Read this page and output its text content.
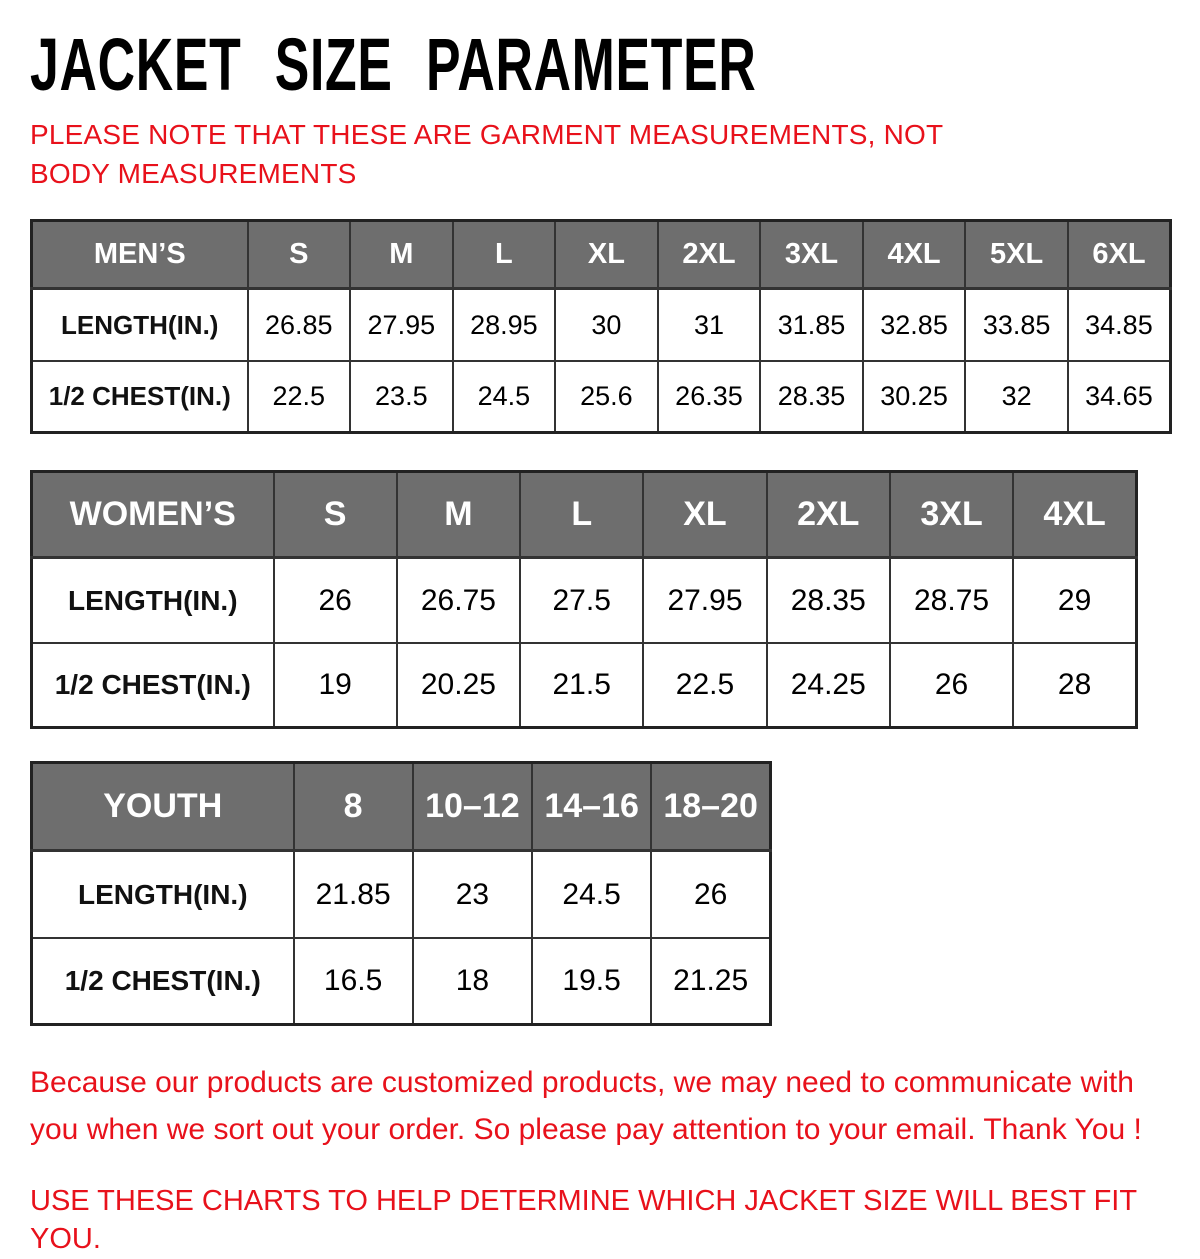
JACKET SIZE PARAMETER
PLEASE NOTE THAT THESE ARE GARMENT MEASUREMENTS, NOT BODY MEASUREMENTS
MEN’S	S	M	L	XL	2XL	3XL	4XL	5XL	6XL
LENGTH(IN.)	26.85	27.95	28.95	30	31	31.85	32.85	33.85	34.85
1/2 CHEST(IN.)	22.5	23.5	24.5	25.6	26.35	28.35	30.25	32	34.65
WOMEN’S	S	M	L	XL	2XL	3XL	4XL
LENGTH(IN.)	26	26.75	27.5	27.95	28.35	28.75	29
1/2 CHEST(IN.)	19	20.25	21.5	22.5	24.25	26	28
YOUTH	8	10–12	14–16	18–20
LENGTH(IN.)	21.85	23	24.5	26
1/2 CHEST(IN.)	16.5	18	19.5	21.25

Because our products are customized products, we may need to communicate with you when we sort out your order. So please pay attention to your email. Thank You !

USE THESE CHARTS TO HELP DETERMINE WHICH JACKET SIZE WILL BEST FIT YOU.
